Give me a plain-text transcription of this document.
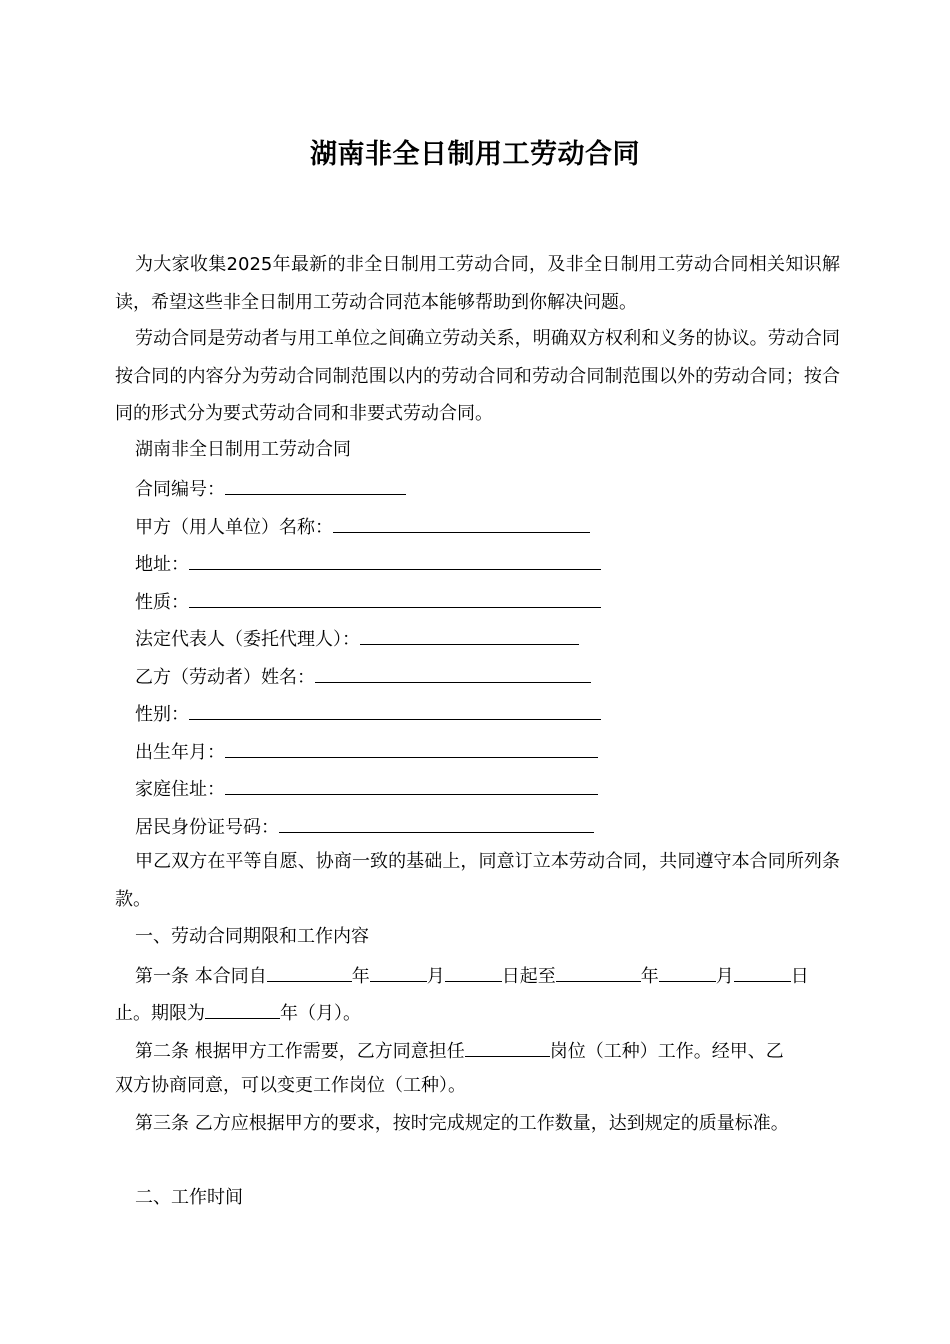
湖南非全日制用工劳动合同

为大家收集2025年最新的非全日制用工劳动合同，及非全日制用工劳动合同相关知识解读，希望这些非全日制用工劳动合同范本能够帮助到你解决问题。

劳动合同是劳动者与用工单位之间确立劳动关系，明确双方权利和义务的协议。劳动合同按合同的内容分为劳动合同制范围以内的劳动合同和劳动合同制范围以外的劳动合同；按合同的形式分为要式劳动合同和非要式劳动合同。

湖南非全日制用工劳动合同

合同编号：

甲方（用人单位）名称：

地址：

性质：

法定代表人（委托代理人）：

乙方（劳动者）姓名：

性别：

出生年月：

家庭住址：

居民身份证号码：

甲乙双方在平等自愿、协商一致的基础上，同意订立本劳动合同，共同遵守本合同所列条款。

一、劳动合同期限和工作内容

第一条 本合同自	年	月	日起至	年	月	日

止。期限为	年（月）。

第二条 根据甲方工作需要，乙方同意担任	岗位（工种）工作。经甲、乙

双方协商同意，可以变更工作岗位（工种）。

第三条 乙方应根据甲方的要求，按时完成规定的工作数量，达到规定的质量标准。

二、工作时间
